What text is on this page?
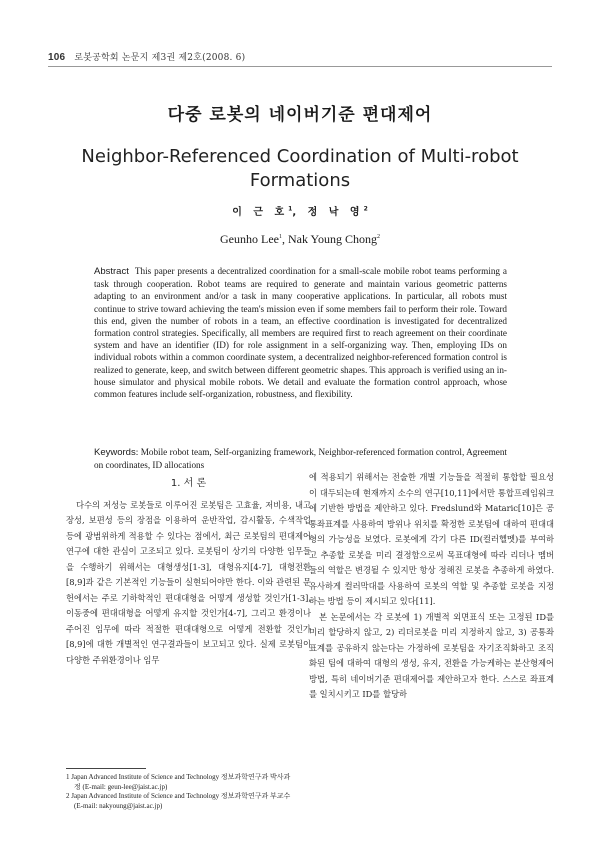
106 로봇공학회 논문지 제3권 제2호(2008. 6)
다중 로봇의 네이버기준 편대제어
Neighbor-Referenced Coordination of Multi-robot Formations
이 근 호$^1$, 정 낙 영$^2$
Geunho Lee$^1$, Nak Young Chong$^2$
Abstract This paper presents a decentralized coordination for a small-scale mobile robot teams performing a task through cooperation. Robot teams are required to generate and maintain various geometric patterns adapting to an environment and/or a task in many cooperative applications. In particular, all robots must continue to strive toward achieving the team's mission even if some members fail to perform their role. Toward this end, given the number of robots in a team, an effective coordination is investigated for decentralized formation control strategies. Specifically, all members are required first to reach agreement on their coordinate system and have an identifier (ID) for role assignment in a self-organizing way. Then, employing IDs on individual robots within a common coordinate system, a decentralized neighbor-referenced formation control is realized to generate, keep, and switch between different geometric shapes. This approach is verified using an in-house simulator and physical mobile robots. We detail and evaluate the formation control approach, whose common features include self-organization, robustness, and flexibility.
Keywords: Mobile robot team, Self-organizing framework, Neighbor-referenced formation control, Agreement on coordinates, ID allocations
1. 서 론

다수의 저성능 로봇들로 이루어진 로봇팀은 고효율, 저비용, 내고장성, 보편성 등의 장점을 이용하여 운반작업, 감시활동, 수색작업 등에 광범위하게 적용할 수 있다는 점에서, 최근 로봇팀의 편대제어연구에 대한 관심이 고조되고 있다. 로봇팀이 상기의 다양한 임무들을 수행하기 위해서는 대형생성[1-3], 대형유지[4-7], 대형전환[8,9]과 같은 기본적인 기능들이 실현되어야만 한다. 이와 관련된 문헌에서는 주로 기하학적인 편대대형을 어떻게 생성할 것인가[1-3], 이동중에 편대대형을 어떻게 유지할 것인가[4-7], 그리고 환경이나 주어진 임무에 따라 적절한 편대대형으로 어떻게 전환할 것인가[8,9]에 대한 개별적인 연구결과들이 보고되고 있다. 실제 로봇팀이 다양한 주위환경이나 임무

에 적용되기 위해서는 전술한 개별 기능들을 적절히 통합할 필요성이 대두되는데 현재까지 소수의 연구[10,11]에서만 통합프레임워크에 기반한 방법을 제안하고 있다. Fredslund와 Mataric[10]은 공통좌표계를 사용하여 방위나 위치를 확정한 로봇팀에 대하여 편대대형의 가능성을 보였다. 로봇에게 각기 다른 ID(컬러헬멧)를 부여하고 추종할 로봇을 미리 결정함으로써 목표대형에 따라 리더나 멤버들의 역할은 변경될 수 있지만 항상 정해진 로봇을 추종하게 하였다. 유사하게 컬러막대를 사용하여 로봇의 역할 및 추종할 로봇을 지정하는 방법 등이 제시되고 있다[11].

본 논문에서는 각 로봇에 1) 개별적 외면표식 또는 고정된 ID를 미리 할당하지 않고, 2) 리더로봇을 미리 지정하지 않고, 3) 공통좌표계를 공유하지 않는다는 가정하에 로봇팀을 자기조직화하고 조직화된 팀에 대하여 대형의 생성, 유지, 전환을 가능케하는 분산형제어방법, 특히 네이버기준 편대제어를 제안하고자 한다. 스스로 좌표계를 일치시키고 ID를 할당하

1 Japan Advanced Institute of Science and Technology 정보과학연구과 박사과정 (E-mail: geun-lee@jaist.ac.jp)

2 Japan Advanced Institute of Science and Technology 정보과학연구과 부교수 (E-mail: nakyoung@jaist.ac.jp)
